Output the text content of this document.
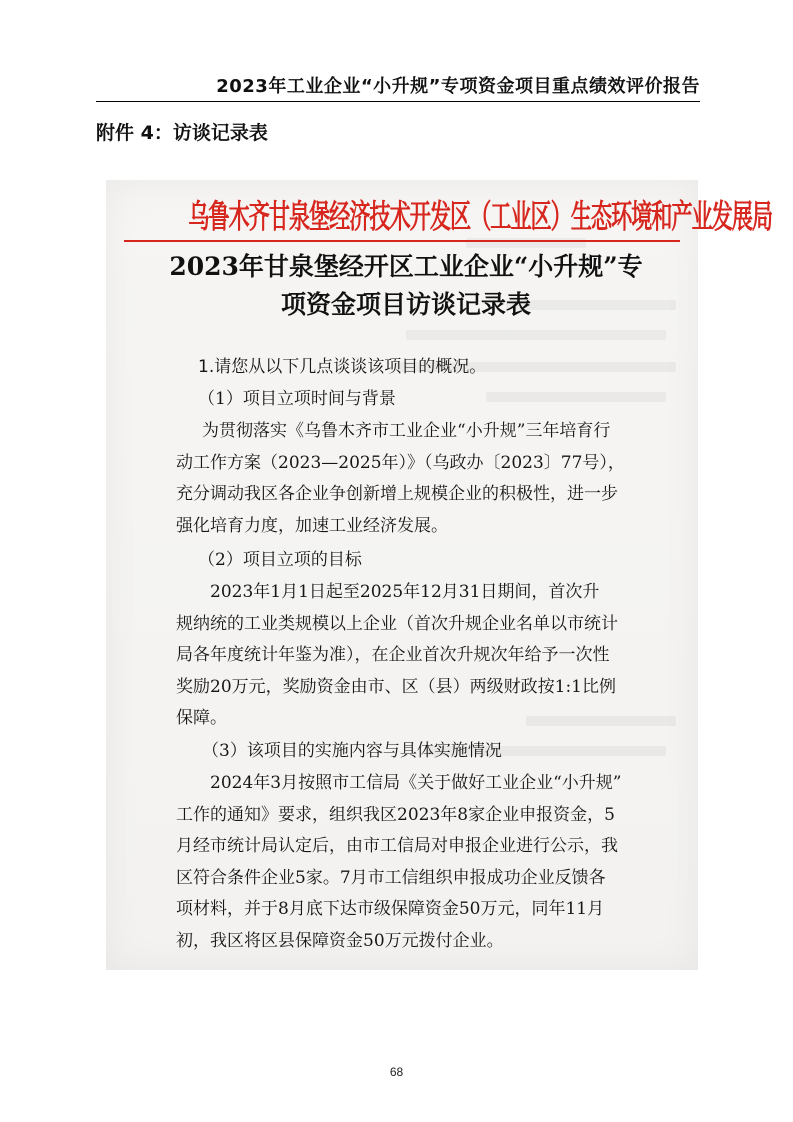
2023年工业企业“小升规”专项资金项目重点绩效评价报告
附件 4：访谈记录表
乌鲁木齐甘泉堡经济技术开发区（工业区）生态环境和产业发展局
2023年甘泉堡经开区工业企业“小升规”专
项资金项目访谈记录表
1.请您从以下几点谈谈该项目的概况。
（1）项目立项时间与背景
为贯彻落实《乌鲁木齐市工业企业“小升规”三年培育行
动工作方案（2023—2025年）》（乌政办〔2023〕77号），
充分调动我区各企业争创新增上规模企业的积极性，进一步
强化培育力度，加速工业经济发展。
（2）项目立项的目标
2023年1月1日起至2025年12月31日期间，首次升
规纳统的工业类规模以上企业（首次升规企业名单以市统计
局各年度统计年鉴为准），在企业首次升规次年给予一次性
奖励20万元，奖励资金由市、区（县）两级财政按1:1比例
保障。
（3）该项目的实施内容与具体实施情况
2024年3月按照市工信局《关于做好工业企业“小升规”
工作的通知》要求，组织我区2023年8家企业申报资金，5
月经市统计局认定后，由市工信局对申报企业进行公示，我
区符合条件企业5家。7月市工信组织申报成功企业反馈各
项材料，并于8月底下达市级保障资金50万元，同年11月
初，我区将区县保障资金50万元拨付企业。
68
